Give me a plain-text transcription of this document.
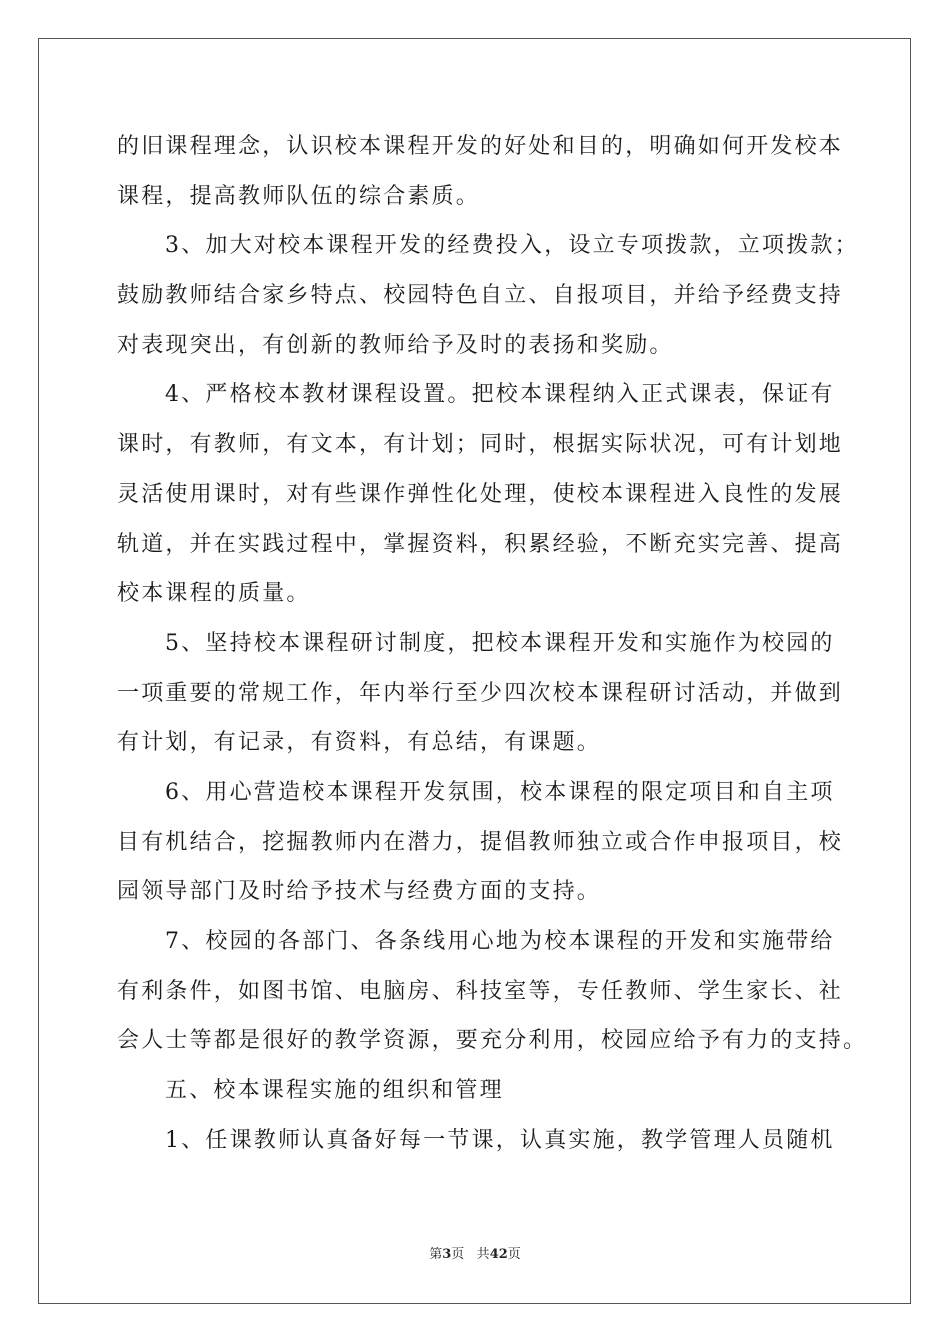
的旧课程理念，认识校本课程开发的好处和目的，明确如何开发校本
课程，提高教师队伍的综合素质。
3、加大对校本课程开发的经费投入，设立专项拨款，立项拨款；
鼓励教师结合家乡特点、校园特色自立、自报项目，并给予经费支持
对表现突出，有创新的教师给予及时的表扬和奖励。
4、严格校本教材课程设置。把校本课程纳入正式课表，保证有
课时，有教师，有文本，有计划；同时，根据实际状况，可有计划地
灵活使用课时，对有些课作弹性化处理，使校本课程进入良性的发展
轨道，并在实践过程中，掌握资料，积累经验，不断充实完善、提高
校本课程的质量。
5、坚持校本课程研讨制度，把校本课程开发和实施作为校园的
一项重要的常规工作，年内举行至少四次校本课程研讨活动，并做到
有计划，有记录，有资料，有总结，有课题。
6、用心营造校本课程开发氛围，校本课程的限定项目和自主项
目有机结合，挖掘教师内在潜力，提倡教师独立或合作申报项目，校
园领导部门及时给予技术与经费方面的支持。
7、校园的各部门、各条线用心地为校本课程的开发和实施带给
有利条件，如图书馆、电脑房、科技室等，专任教师、学生家长、社
会人士等都是很好的教学资源，要充分利用，校园应给予有力的支持。
五、校本课程实施的组织和管理
1、任课教师认真备好每一节课，认真实施，教学管理人员随机
第3页 共42页
